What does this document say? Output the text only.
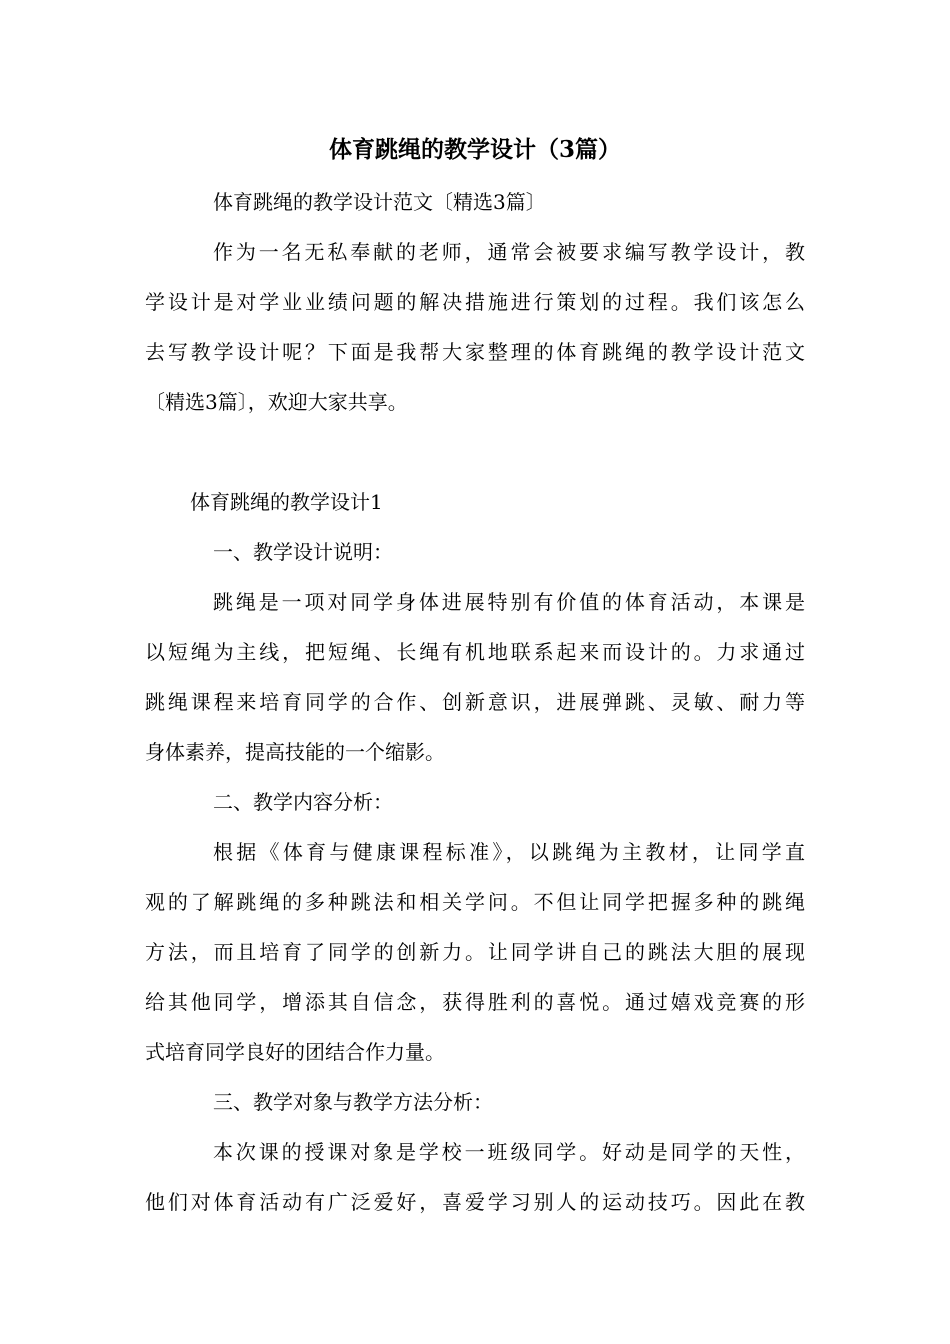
体育跳绳的教学设计（3篇）
体育跳绳的教学设计范文〔精选3篇〕
作为一名无私奉献的老师，通常会被要求编写教学设计，教
学设计是对学业业绩问题的解决措施进行策划的过程。我们该怎么
去写教学设计呢？下面是我帮大家整理的体育跳绳的教学设计范文
〔精选3篇〕，欢迎大家共享。
体育跳绳的教学设计1
一、教学设计说明：
跳绳是一项对同学身体进展特别有价值的体育活动，本课是
以短绳为主线，把短绳、长绳有机地联系起来而设计的。力求通过
跳绳课程来培育同学的合作、创新意识，进展弹跳、灵敏、耐力等
身体素养，提高技能的一个缩影。
二、教学内容分析：
根据《体育与健康课程标准》，以跳绳为主教材，让同学直
观的了解跳绳的多种跳法和相关学问。不但让同学把握多种的跳绳
方法，而且培育了同学的创新力。让同学讲自己的跳法大胆的展现
给其他同学，增添其自信念，获得胜利的喜悦。通过嬉戏竞赛的形
式培育同学良好的团结合作力量。
三、教学对象与教学方法分析：
本次课的授课对象是学校一班级同学。好动是同学的天性，
他们对体育活动有广泛爱好，喜爱学习别人的运动技巧。因此在教
